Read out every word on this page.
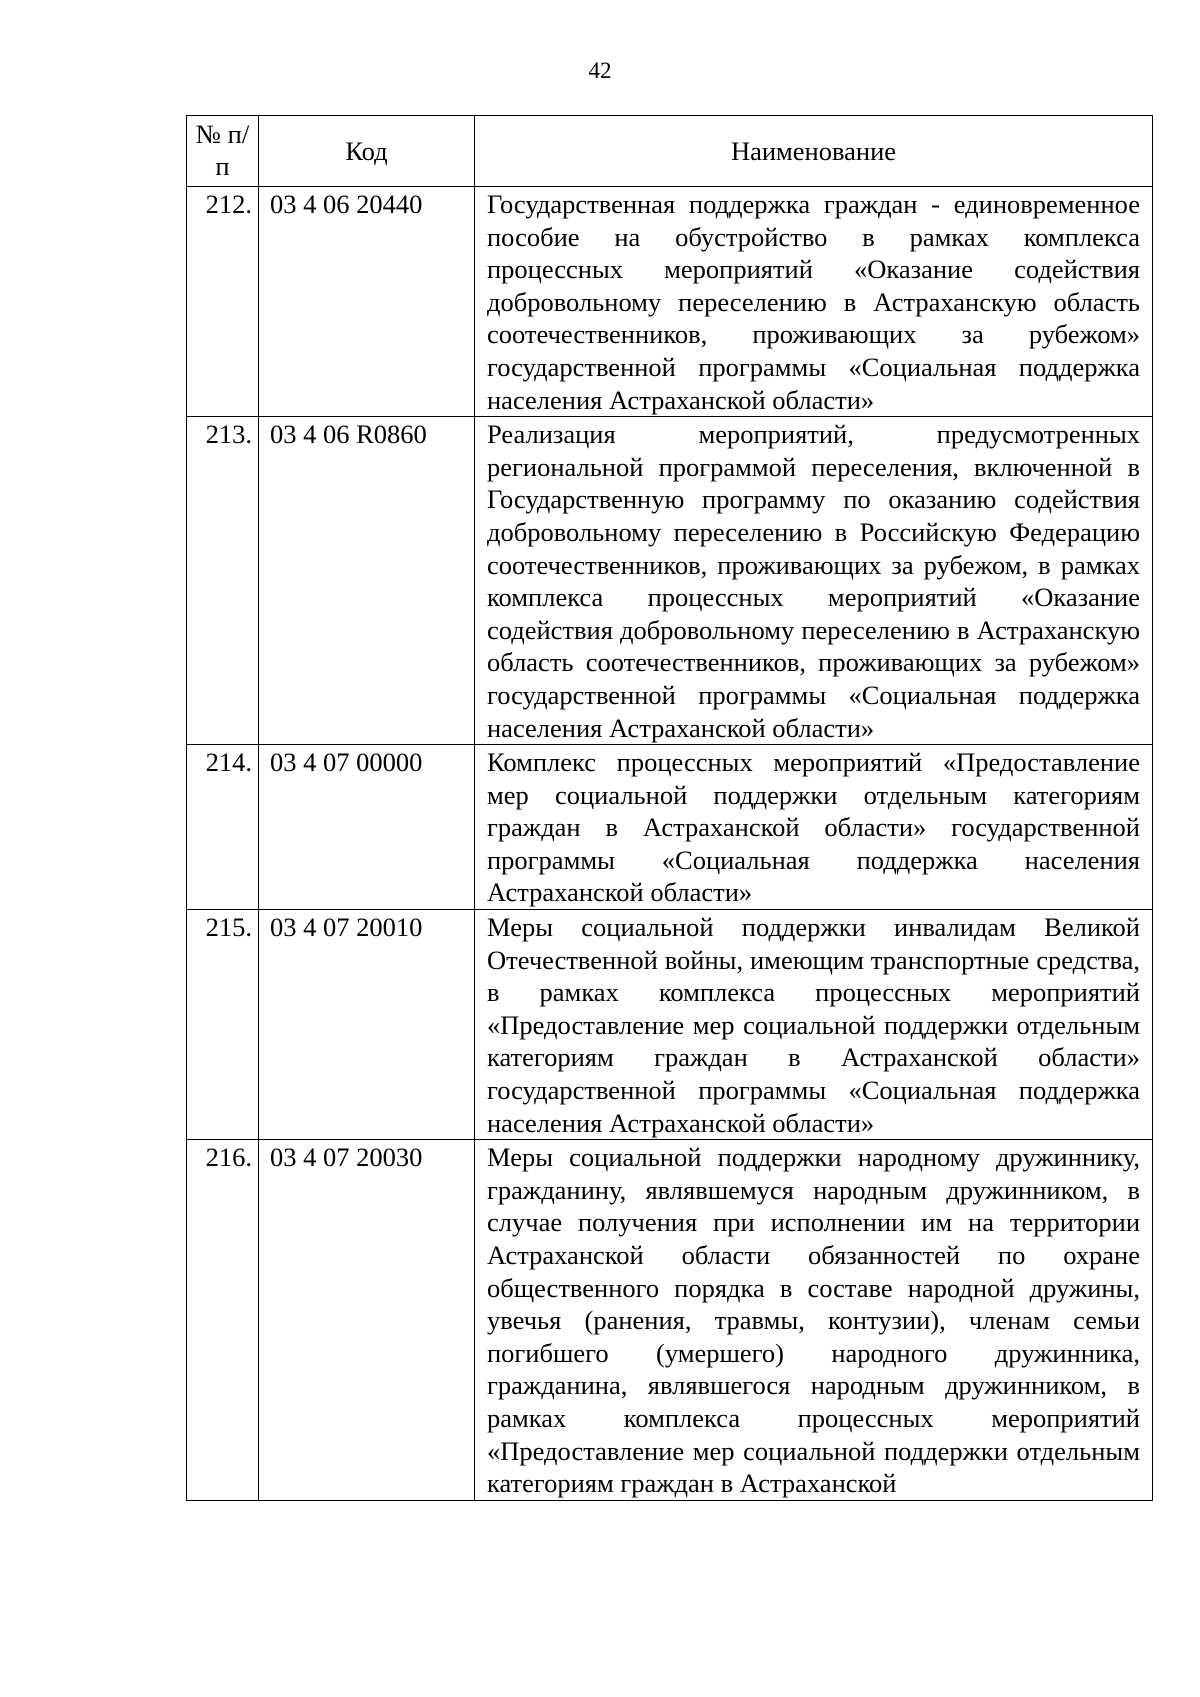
42
№ п/п	Код	Наименование
212.	03 4 06 20440	Государственная поддержка граждан - единовременное пособие на обустройство в рамках комплекса процессных мероприятий «Оказание содействия добровольному переселению в Астраханскую область соотечественников, проживающих за рубежом» государственной программы «Социальная поддержка населения Астраханской области»
213.	03 4 06 R0860	Реализация мероприятий, предусмотренных региональной программой переселения, включенной в Государственную программу по оказанию содействия добровольному переселению в Российскую Федерацию соотечественников, проживающих за рубежом, в рамках комплекса процессных мероприятий «Оказание содействия добровольному переселению в Астраханскую область соотечественников, проживающих за рубежом» государственной программы «Социальная поддержка населения Астраханской области»
214.	03 4 07 00000	Комплекс процессных мероприятий «Предоставление мер социальной поддержки отдельным категориям граждан в Астраханской области» государственной программы «Социальная поддержка населения Астраханской области»
215.	03 4 07 20010	Меры социальной поддержки инвалидам Великой Отечественной войны, имеющим транспортные средства, в рамках комплекса процессных мероприятий «Предоставление мер социальной поддержки отдельным категориям граждан в Астраханской области» государственной программы «Социальная поддержка населения Астраханской области»
216.	03 4 07 20030	Меры социальной поддержки народному дружиннику, гражданину, являвшемуся народным дружинником, в случае получения при исполнении им на территории Астраханской области обязанностей по охране общественного порядка в составе народной дружины, увечья (ранения, травмы, контузии), членам семьи погибшего (умершего) народного дружинника, гражданина, являвшегося народным дружинником, в рамках комплекса процессных мероприятий «Предоставление мер социальной поддержки отдельным категориям граждан в Астраханской
